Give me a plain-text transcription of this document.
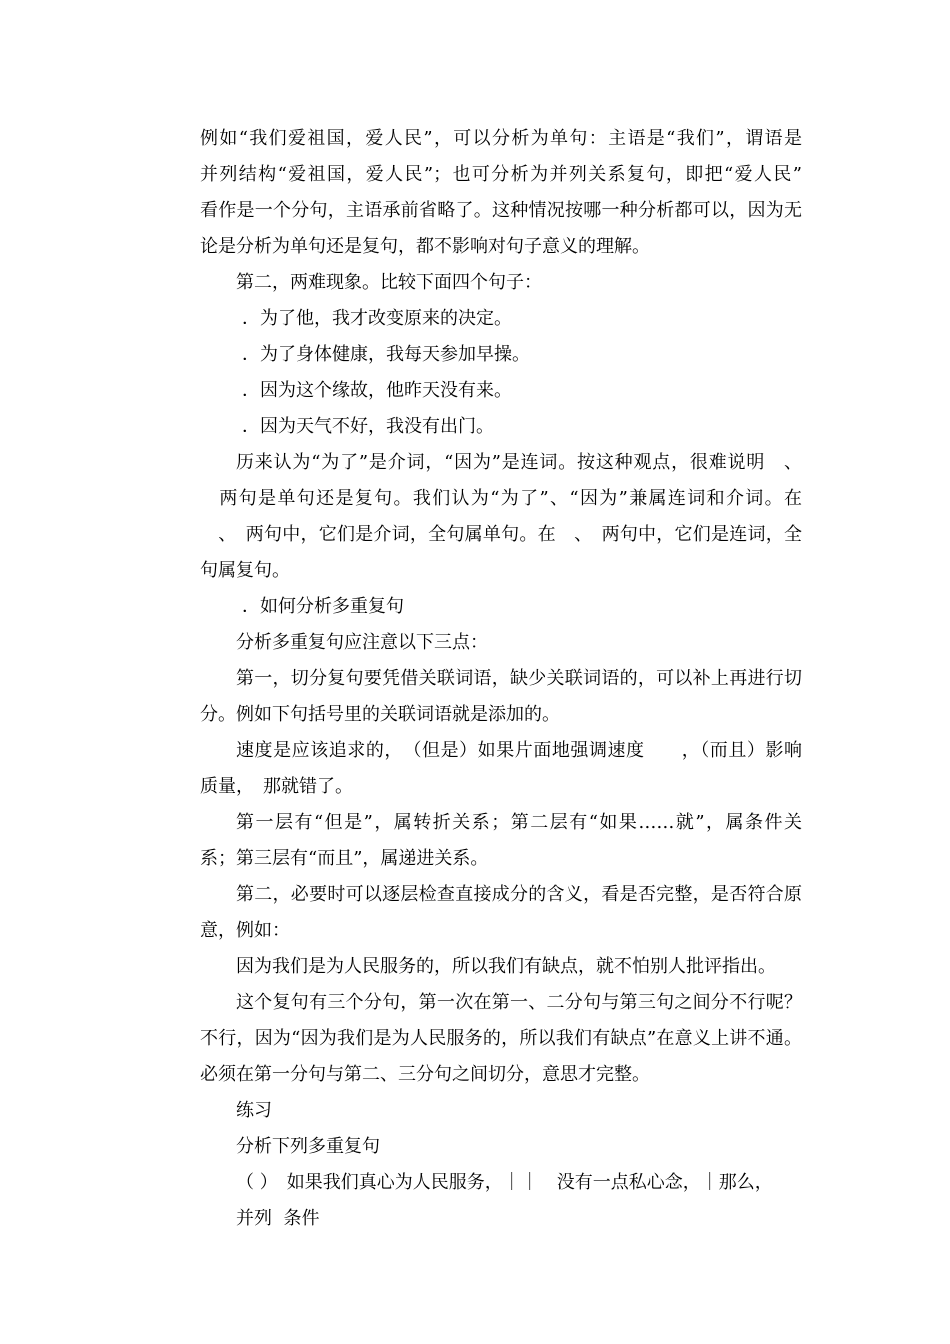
例如“我们爱祖国，爱人民”，可以分析为单句：主语是“我们”，谓语是

并列结构“爱祖国，爱人民”；也可分析为并列关系复句，即把“爱人民”

看作是一个分句，主语承前省略了。这种情况按哪一种分析都可以，因为无

论是分析为单句还是复句，都不影响对句子意义的理解。

第二，两难现象。比较下面四个句子：

．为了他，我才改变原来的决定。

．为了身体健康，我每天参加早操。

．因为这个缘故，他昨天没有来。

．因为天气不好，我没有出门。

历来认为“为了”是介词，“因为”是连词。按这种观点，很难说明　、

　两句是单句还是复句。我们认为“为了”、“因为”兼属连词和介词。在

　、　两句中，它们是介词，全句属单句。在　、　两句中，它们是连词，全

句属复句。

．如何分析多重复句

分析多重复句应注意以下三点：

第一，切分复句要凭借关联词语，缺少关联词语的，可以补上再进行切

分。例如下句括号里的关联词语就是添加的。

速度是应该追求的，　（但是）如果片面地强调速度　　，（而且）影响

质量，　那就错了。

第一层有“但是”，属转折关系；第二层有“如果……就”，属条件关

系；第三层有“而且”，属递进关系。

第二，必要时可以逐层检查直接成分的含义，看是否完整，是否符合原

意，例如：

因为我们是为人民服务的，所以我们有缺点，就不怕别人批评指出。

这个复句有三个分句，第一次在第一、二分句与第三句之间分不行呢？

不行，因为“因为我们是为人民服务的，所以我们有缺点”在意义上讲不通。

必须在第一分句与第二、三分句之间切分，意思才完整。

练习

分析下列多重复句

（ ）　如果我们真心为人民服务，｜｜　没有一点私心念，｜那么，

并列  条件
